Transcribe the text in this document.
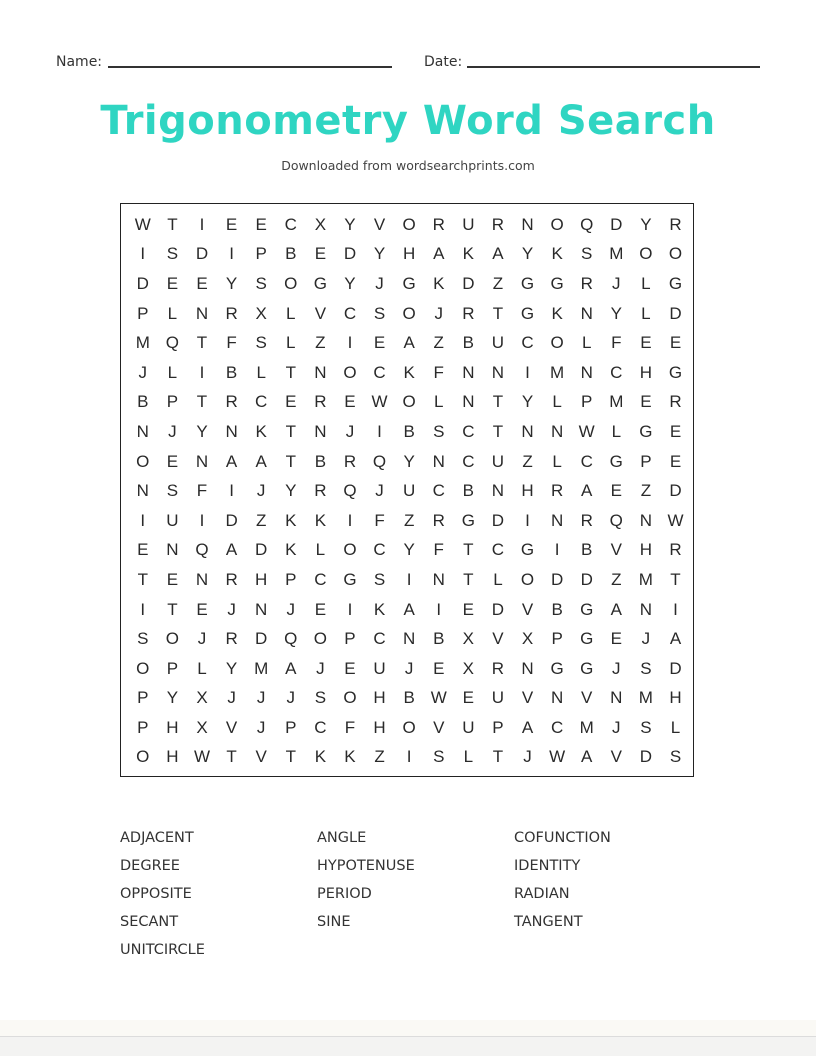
Name:	Date:
Trigonometry Word Search
Downloaded from wordsearchprints.com
W T	I	E	E	C	X	Y	V	O R	U	R	N O Q D	Y	R
I	S	D	I	P	B	E	D	Y	H	A	K	A	Y	K	S M O O
D	E	E	Y	S	O G	Y	J	G	K	D	Z	G G R	J	L	G
P	L	N	R	X	L	V	C	S	O	J	R	T	G	K	N	Y	L	D
M Q	T	F	S	L	Z	I	E	A	Z	B	U	C O	L	F	E	E
J	L	I	B	L	T	N O C	K	F	N	N	I	M N	C	H G
B	P	T	R	C	E	R	E W O	L	N	T	Y	L	P M E	R
N	J	Y	N	K	T	N	J	I	B	S	C	T	N	N W L	G	E
O	E	N	A	A	T	B	R Q	Y	N	C	U	Z	L	C G	P	E
N	S	F	I	J	Y	R Q	J	U	C	B	N	H	R	A	E	Z	D
I	U	I	D	Z	K	K	I	F	Z	R G D	I	N	R Q N W
E	N Q	A	D	K	L	O C	Y	F	T	C G	I	B	V	H	R
T	E	N	R	H	P	C G	S	I	N	T	L	O D	D	Z	M	T
I	T	E	J	N	J	E	I	K	A	I	E	D	V	B	G	A	N	I
S	O	J	R	D Q O	P	C	N	B	X	V	X	P	G	E	J	A
O	P	L	Y M A	J	E	U	J	E	X	R	N G G	J	S	D
P	Y	X	J	J	J	S	O H	B W E	U	V	N	V	N M H
P	H	X	V	J	P	C	F	H O	V	U	P	A	C M	J	S	L
O H W T	V	T	K	K	Z	I	S	L	T	J	W A	V	D	S
ADJACENT	ANGLE	COFUNCTION
DEGREE	HYPOTENUSE	IDENTITY
OPPOSITE	PERIOD	RADIAN
SECANT	SINE	TANGENT
UNITCIRCLE
